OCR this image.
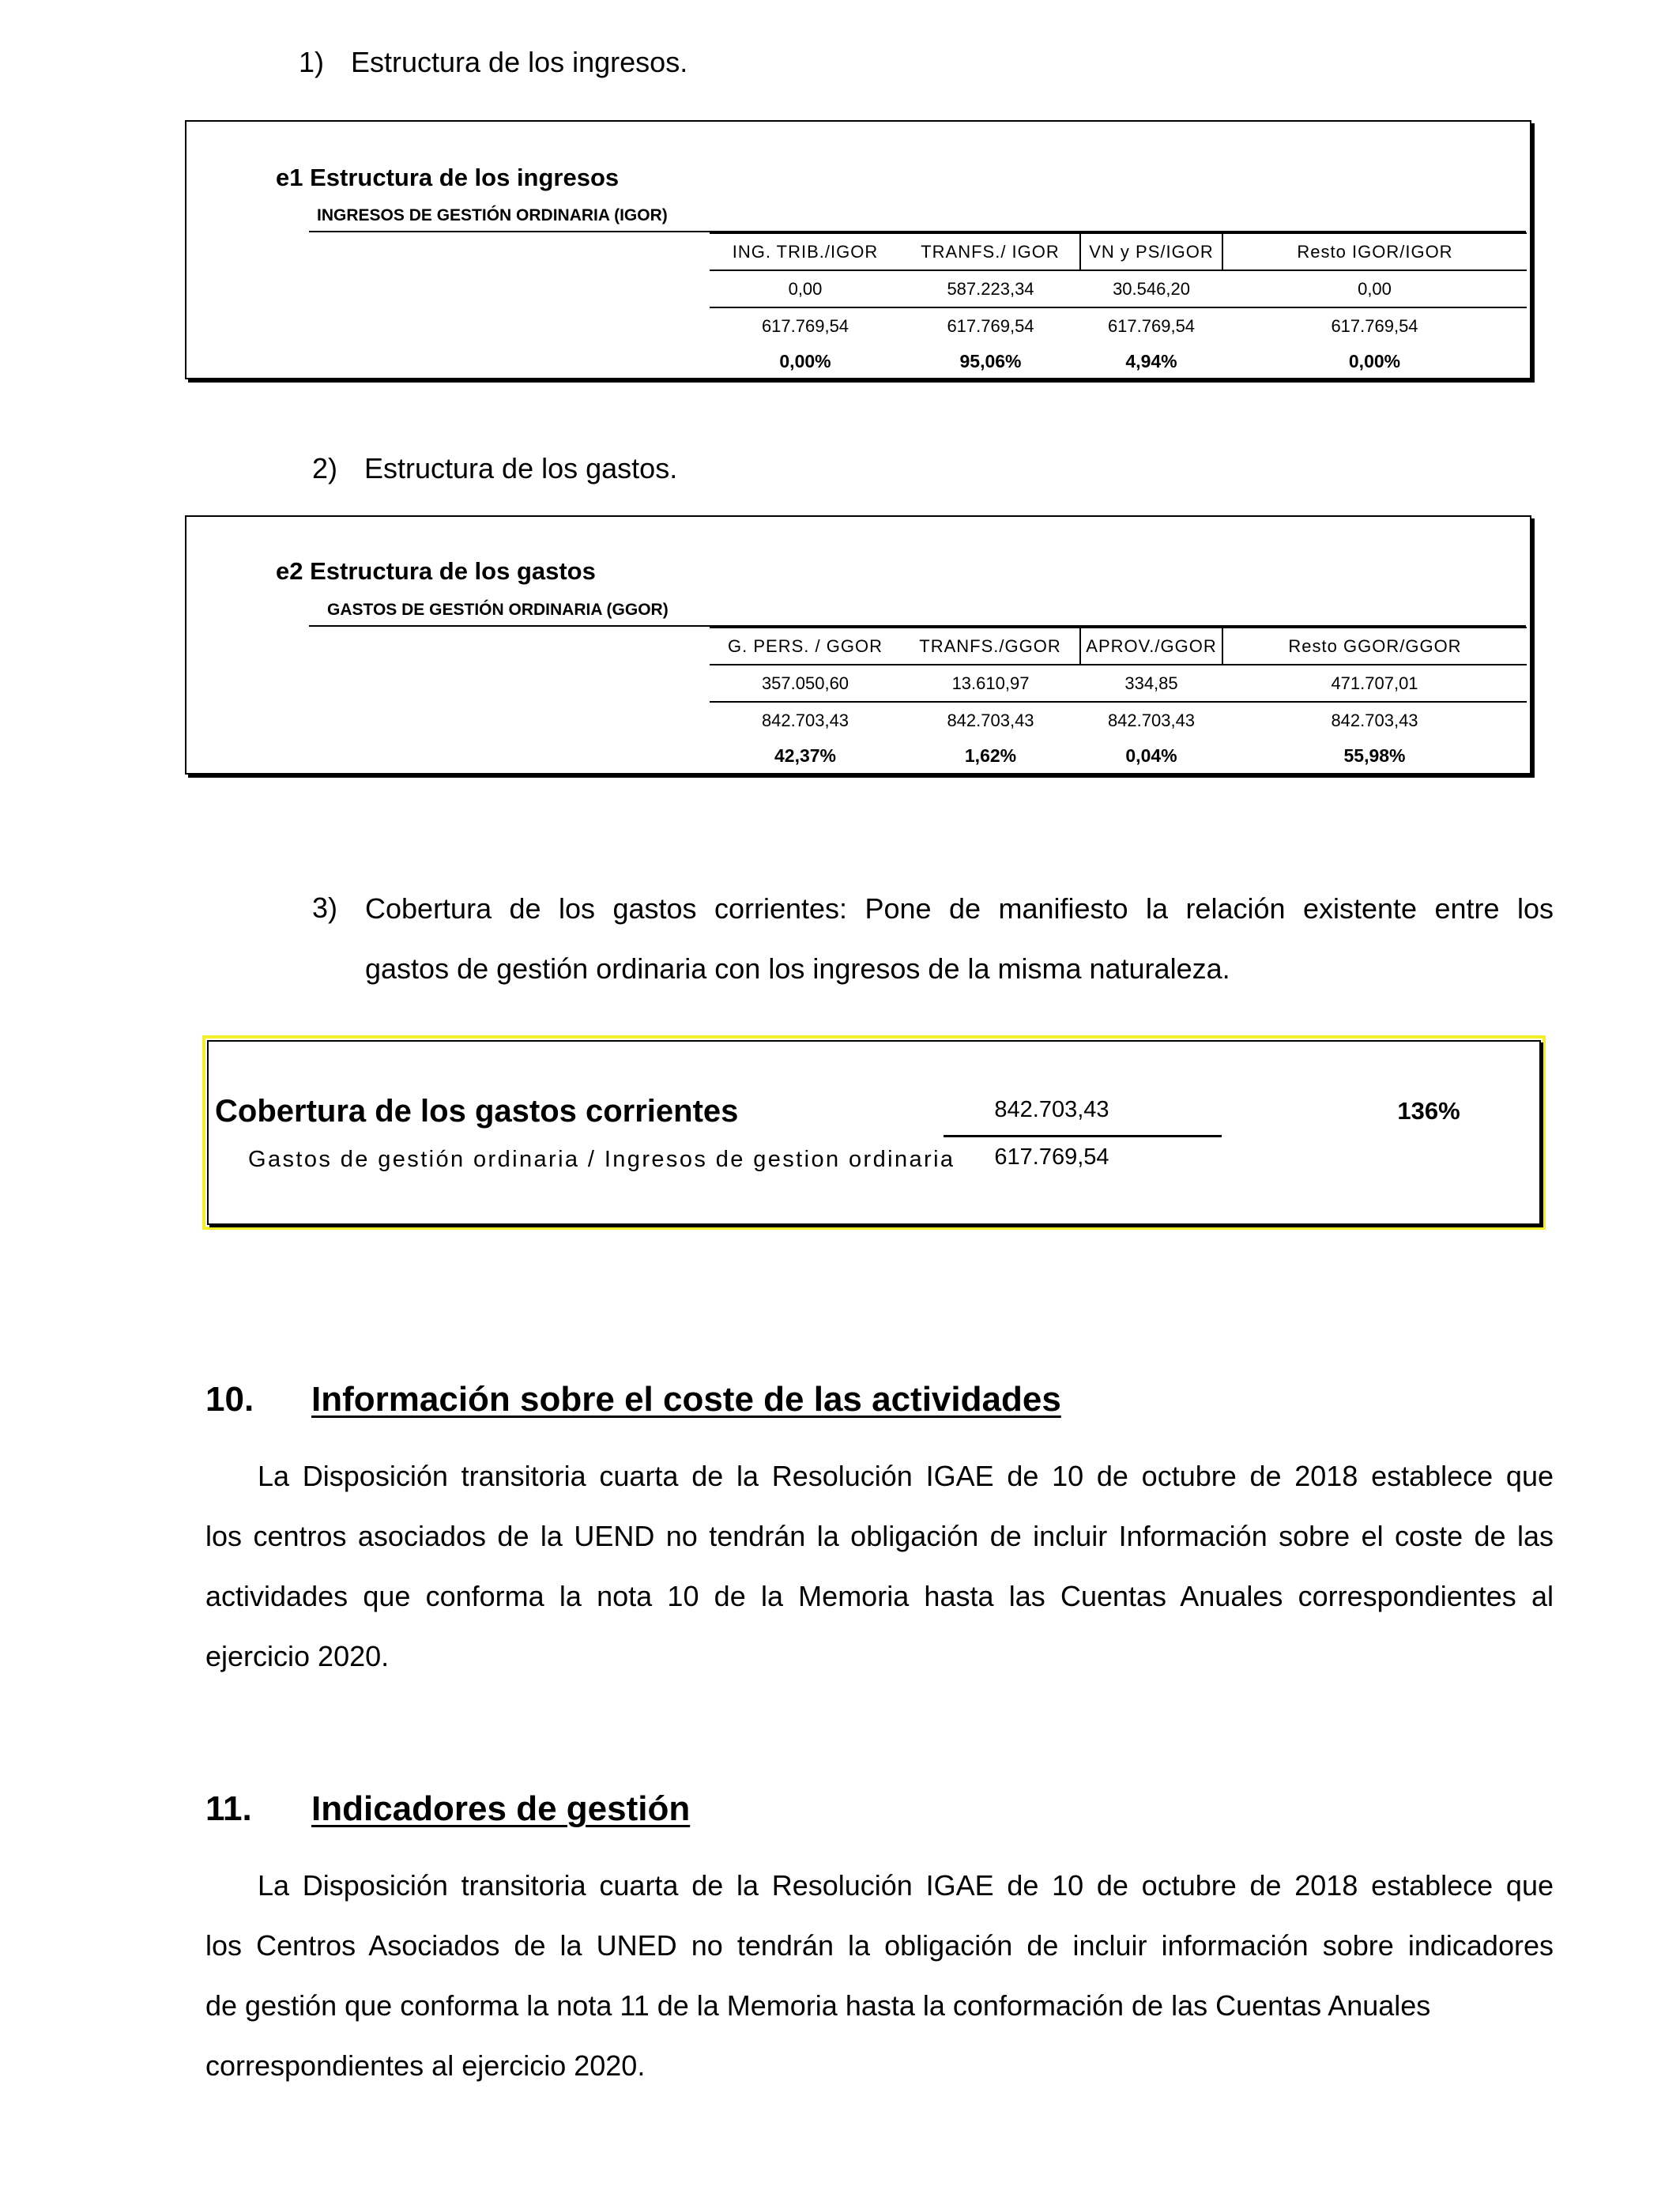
1) Estructura de los ingresos.
e1 Estructura de los ingresos
INGRESOS DE GESTIÓN ORDINARIA (IGOR)
ING. TRIB./IGOR	TRANFS./ IGOR	VN y PS/IGOR	Resto IGOR/IGOR
0,00	587.223,34	30.546,20	0,00
617.769,54	617.769,54	617.769,54	617.769,54
0,00%	95,06%	4,94%	0,00%
2) Estructura de los gastos.
e2 Estructura de los gastos
GASTOS DE GESTIÓN ORDINARIA (GGOR)
G. PERS. / GGOR	TRANFS./GGOR	APROV./GGOR	Resto GGOR/GGOR
357.050,60	13.610,97	334,85	471.707,01
842.703,43	842.703,43	842.703,43	842.703,43
42,37%	1,62%	0,04%	55,98%
3) Cobertura de los gastos corrientes: Pone de manifiesto la relación existente entre los
gastos de gestión ordinaria con los ingresos de la misma naturaleza.
Cobertura de los gastos corrientes
Gastos de gestión ordinaria / Ingresos de gestion ordinaria
842.703,43
617.769,54
136%
10. Información sobre el coste de las actividades
La Disposición transitoria cuarta de la Resolución IGAE de 10 de octubre de 2018 establece que
los centros asociados de la UEND no tendrán la obligación de incluir Información sobre el coste de las
actividades que conforma la nota 10 de la Memoria hasta las Cuentas Anuales correspondientes al
ejercicio 2020.
11. Indicadores de gestión
La Disposición transitoria cuarta de la Resolución IGAE de 10 de octubre de 2018 establece que
los Centros Asociados de la UNED no tendrán la obligación de incluir información sobre indicadores
de gestión que conforma la nota 11 de la Memoria hasta la conformación de las Cuentas Anuales
correspondientes al ejercicio 2020.
